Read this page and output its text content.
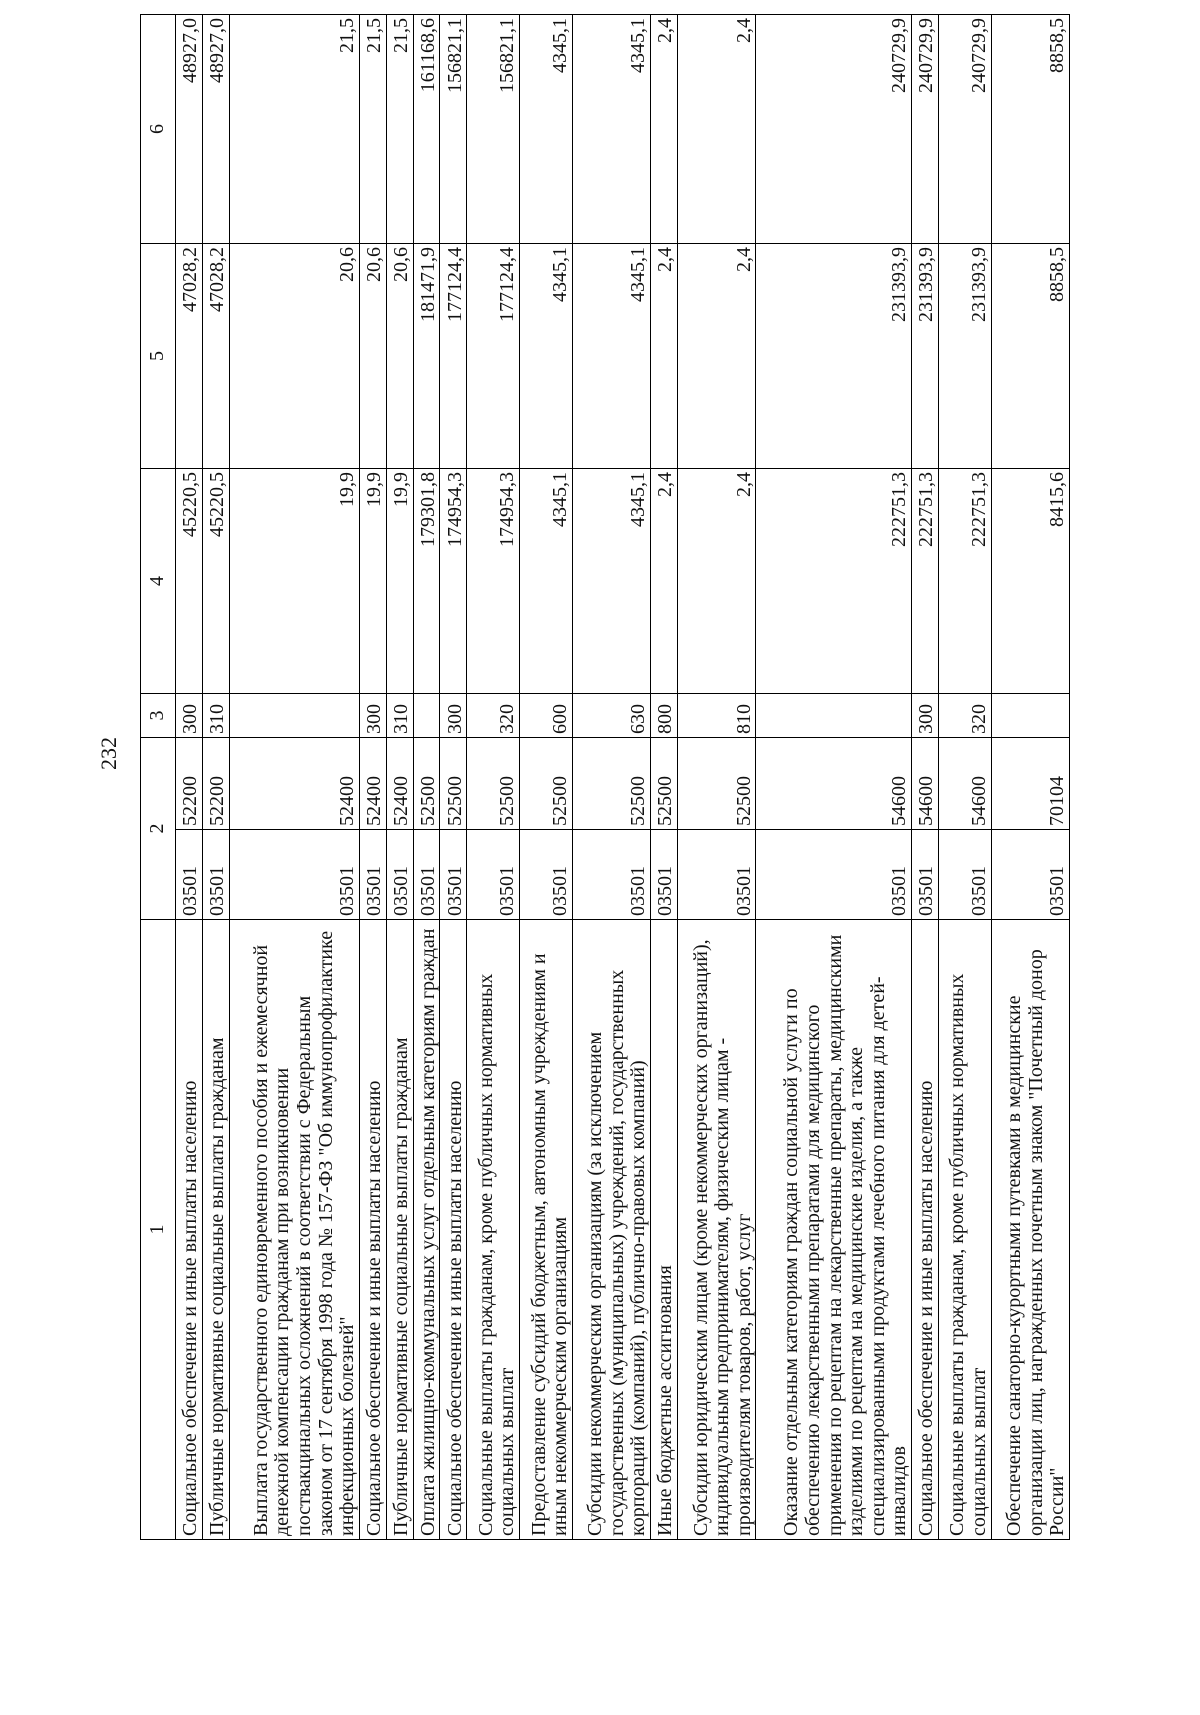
232
1	2		3	4	5	6
Социальное обеспечение и иные выплаты населению	03501	52200	300	45220,5	47028,2	48927,0
Публичные нормативные социальные выплаты гражданам	03501	52200	310	45220,5	47028,2	48927,0
Выплата государственного единовременного пособия и ежемесячной денежной компенсации гражданам при возникновении поствакцинальных осложнений в соответствии с Федеральным законом от 17 сентября 1998 года № 157-ФЗ "Об иммунопрофилактике инфекционных болезней"	03501	52400		19,9	20,6	21,5
Социальное обеспечение и иные выплаты населению	03501	52400	300	19,9	20,6	21,5
Публичные нормативные социальные выплаты гражданам	03501	52400	310	19,9	20,6	21,5
Оплата жилищно-коммунальных услуг отдельным категориям граждан	03501	52500		179301,8	181471,9	161168,6
Социальное обеспечение и иные выплаты населению	03501	52500	300	174954,3	177124,4	156821,1
Социальные выплаты гражданам, кроме публичных нормативных социальных выплат	03501	52500	320	174954,3	177124,4	156821,1
Предоставление субсидий бюджетным, автономным учреждениям и иным некоммерческим организациям	03501	52500	600	4345,1	4345,1	4345,1
Субсидии некоммерческим организациям (за исключением государственных (муниципальных) учреждений, государственных корпораций (компаний), публично-правовых компаний)	03501	52500	630	4345,1	4345,1	4345,1
Иные бюджетные ассигнования	03501	52500	800	2,4	2,4	2,4
Субсидии юридическим лицам (кроме некоммерческих организаций), индивидуальным предпринимателям, физическим лицам - производителям товаров, работ, услуг	03501	52500	810	2,4	2,4	2,4
Оказание отдельным категориям граждан социальной услуги по обеспечению лекарственными препаратами для медицинского применения по рецептам на лекарственные препараты, медицинскими изделиями по рецептам на медицинские изделия, а также специализированными продуктами лечебного питания для детей-инвалидов	03501	54600		222751,3	231393,9	240729,9
Социальное обеспечение и иные выплаты населению	03501	54600	300	222751,3	231393,9	240729,9
Социальные выплаты гражданам, кроме публичных нормативных социальных выплат	03501	54600	320	222751,3	231393,9	240729,9
Обеспечение санаторно-курортными путевками в медицинские организации лиц, награжденных почетным знаком "Почетный донор России"	03501	70104		8415,6	8858,5	8858,5
